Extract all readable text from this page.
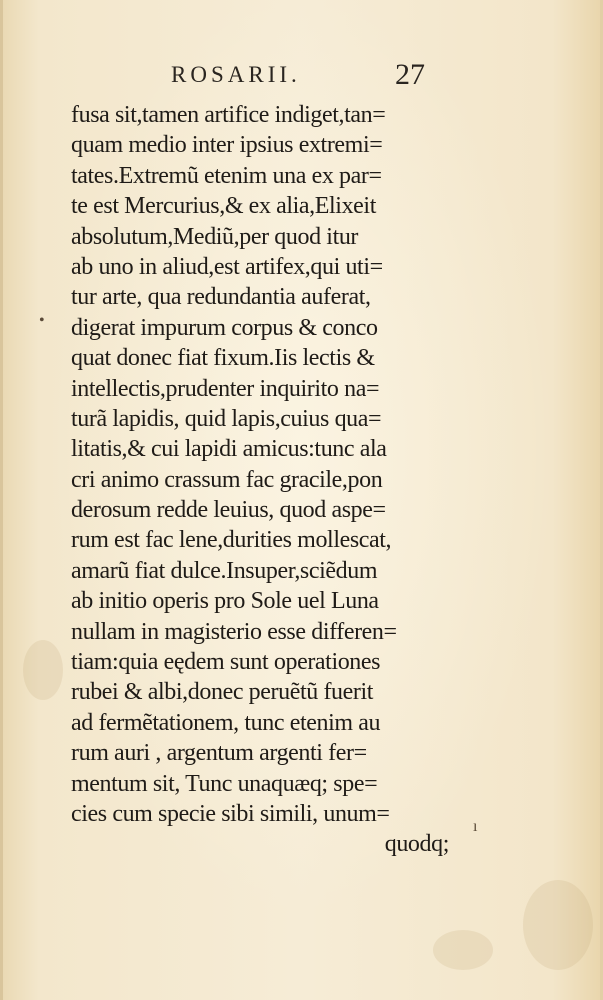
ROSARII.	27
fusa sit,tamen artifice indiget,tan=
quam medio inter ipsius extremi=
tates.Extremũ etenim una ex par=
te est Mercurius,& ex alia,Elixeit
absolutum,Mediũ,per quod itur
ab uno in aliud,est artifex,qui uti=
tur arte, qua redundantia auferat,
digerat impurum corpus & conco
quat donec fiat fixum.Iis lectis &
intellectis,prudenter inquirito na=
turã lapidis, quid lapis,cuius qua=
litatis,& cui lapidi amicus:tunc ala
cri animo crassum fac gracile,pon
derosum redde leuius, quod aspe=
rum est fac lene,durities mollescat,
amarũ fiat dulce.Insuper,sciẽdum
ab initio operis pro Sole uel Luna
nullam in magisterio esse differen=
tiam:quia eędem sunt operationes
rubei & albi,donec peruẽtũ fuerit
ad fermẽtationem, tunc etenim au
rum auri , argentum argenti fer=
mentum sit, Tunc unaquæq; spe=
cies cum specie sibi simili, unum=
quodq;
•
ı
